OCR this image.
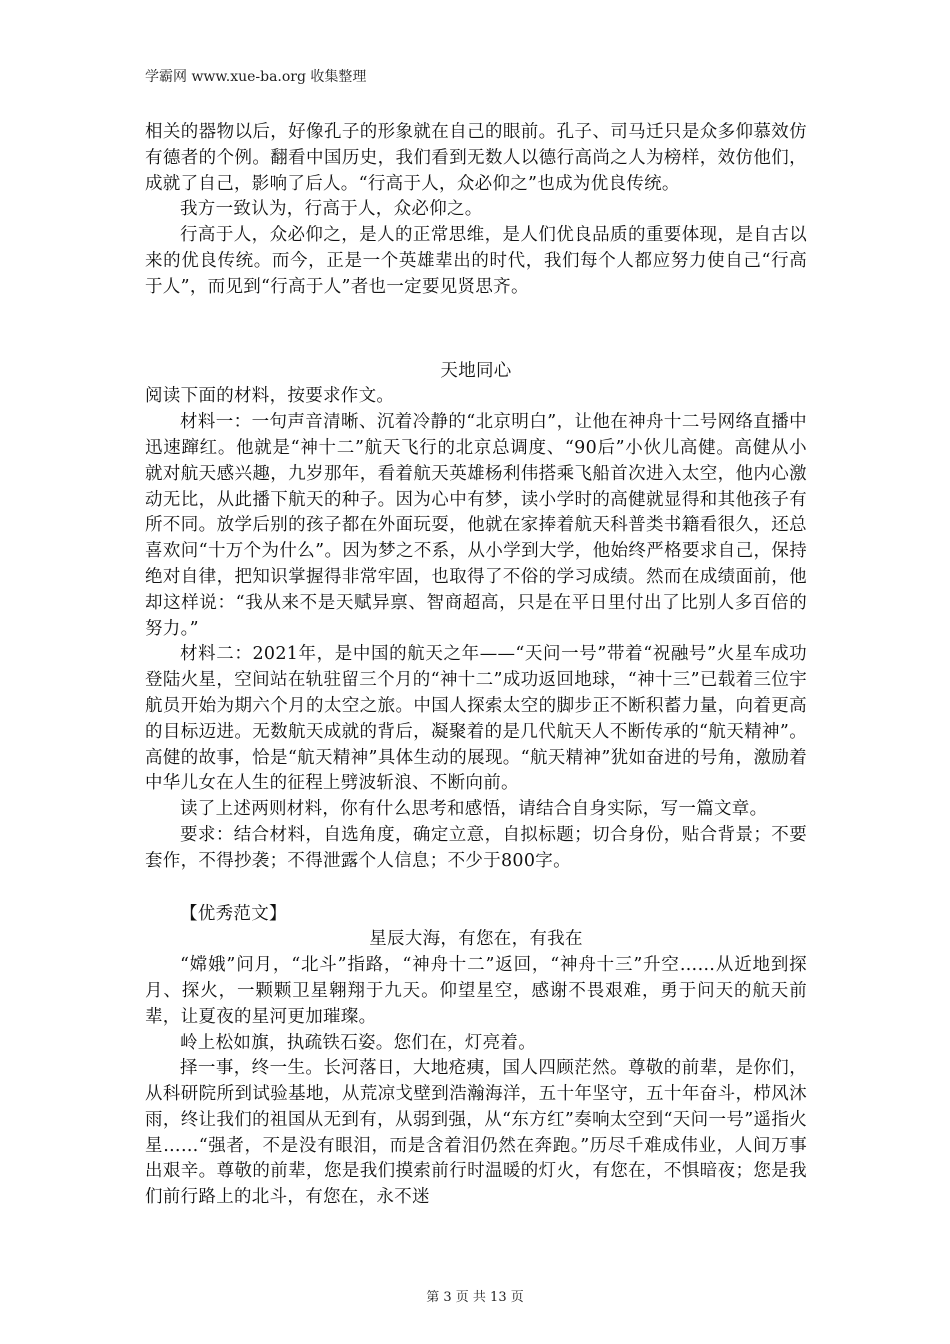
学霸网 www.xue-ba.org 收集整理

相关的器物以后，好像孔子的形象就在自己的眼前。孔子、司马迁只是众多仰慕效仿有德者的个例。翻看中国历史，我们看到无数人以德行高尚之人为榜样，效仿他们，成就了自己，影响了后人。“行高于人，众必仰之”也成为优良传统。

我方一致认为，行高于人，众必仰之。

行高于人，众必仰之，是人的正常思维，是人们优良品质的重要体现，是自古以来的优良传统。而今，正是一个英雄辈出的时代，我们每个人都应努力使自己“行高于人”，而见到“行高于人”者也一定要见贤思齐。

天地同心

阅读下面的材料，按要求作文。

材料一：一句声音清晰、沉着冷静的“北京明白”，让他在神舟十二号网络直播中迅速蹿红。他就是“神十二”航天飞行的北京总调度、“90后”小伙儿高健。高健从小就对航天感兴趣，九岁那年，看着航天英雄杨利伟搭乘飞船首次进入太空，他内心激动无比，从此播下航天的种子。因为心中有梦，读小学时的高健就显得和其他孩子有所不同。放学后别的孩子都在外面玩耍，他就在家捧着航天科普类书籍看很久，还总喜欢问“十万个为什么”。因为梦之不系，从小学到大学，他始终严格要求自己，保持绝对自律，把知识掌握得非常牢固，也取得了不俗的学习成绩。然而在成绩面前，他却这样说：“我从来不是天赋异禀、智商超高，只是在平日里付出了比别人多百倍的努力。”

材料二：2021年，是中国的航天之年——“天问一号”带着“祝融号”火星车成功登陆火星，空间站在轨驻留三个月的“神十二”成功返回地球，“神十三”已载着三位宇航员开始为期六个月的太空之旅。中国人探索太空的脚步正不断积蓄力量，向着更高的目标迈进。无数航天成就的背后，凝聚着的是几代航天人不断传承的“航天精神”。高健的故事，恰是“航天精神”具体生动的展现。“航天精神”犹如奋进的号角，激励着中华儿女在人生的征程上劈波斩浪、不断向前。

读了上述两则材料，你有什么思考和感悟，请结合自身实际，写一篇文章。

要求：结合材料，自选角度，确定立意，自拟标题；切合身份，贴合背景；不要套作，不得抄袭；不得泄露个人信息；不少于800字。

【优秀范文】

星辰大海，有您在，有我在

“嫦娥”问月，“北斗”指路，“神舟十二”返回，“神舟十三”升空……从近地到探月、探火，一颗颗卫星翱翔于九天。仰望星空，感谢不畏艰难，勇于问天的航天前辈，让夏夜的星河更加璀璨。

岭上松如旗，执疏铁石姿。您们在，灯亮着。

择一事，终一生。长河落日，大地疮痍，国人四顾茫然。尊敬的前辈，是你们，从科研院所到试验基地，从荒凉戈壁到浩瀚海洋，五十年坚守，五十年奋斗，栉风沐雨，终让我们的祖国从无到有，从弱到强，从“东方红”奏响太空到“天问一号”遥指火星……“强者，不是没有眼泪，而是含着泪仍然在奔跑。”历尽千难成伟业，人间万事出艰辛。尊敬的前辈，您是我们摸索前行时温暖的灯火，有您在，不惧暗夜；您是我们前行路上的北斗，有您在，永不迷

第 3 页 共 13 页
